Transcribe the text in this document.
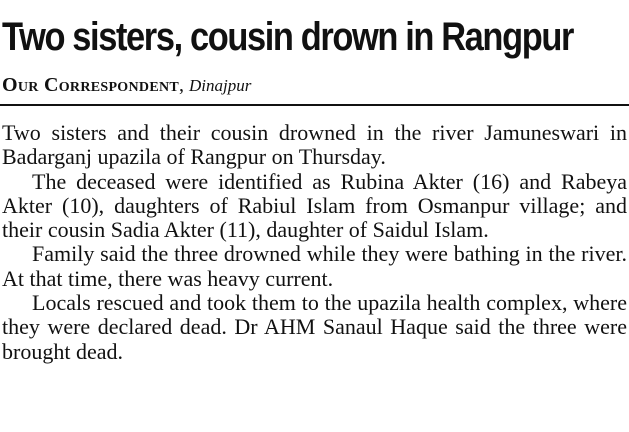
Two sisters, cousin drown in Rangpur
Our Correspondent, Dinajpur

Two sisters and their cousin drowned in the river Jamuneswari in Badarganj upazila of Rangpur on Thursday.

The deceased were identified as Rubina Akter (16) and Rabeya Akter (10), daughters of Rabiul Islam from Osmanpur village; and their cousin Sadia Akter (11), daughter of Saidul Islam.

Family said the three drowned while they were bathing in the river. At that time, there was heavy current.

Locals rescued and took them to the upazila health complex, where they were declared dead. Dr AHM Sanaul Haque said the three were brought dead.
